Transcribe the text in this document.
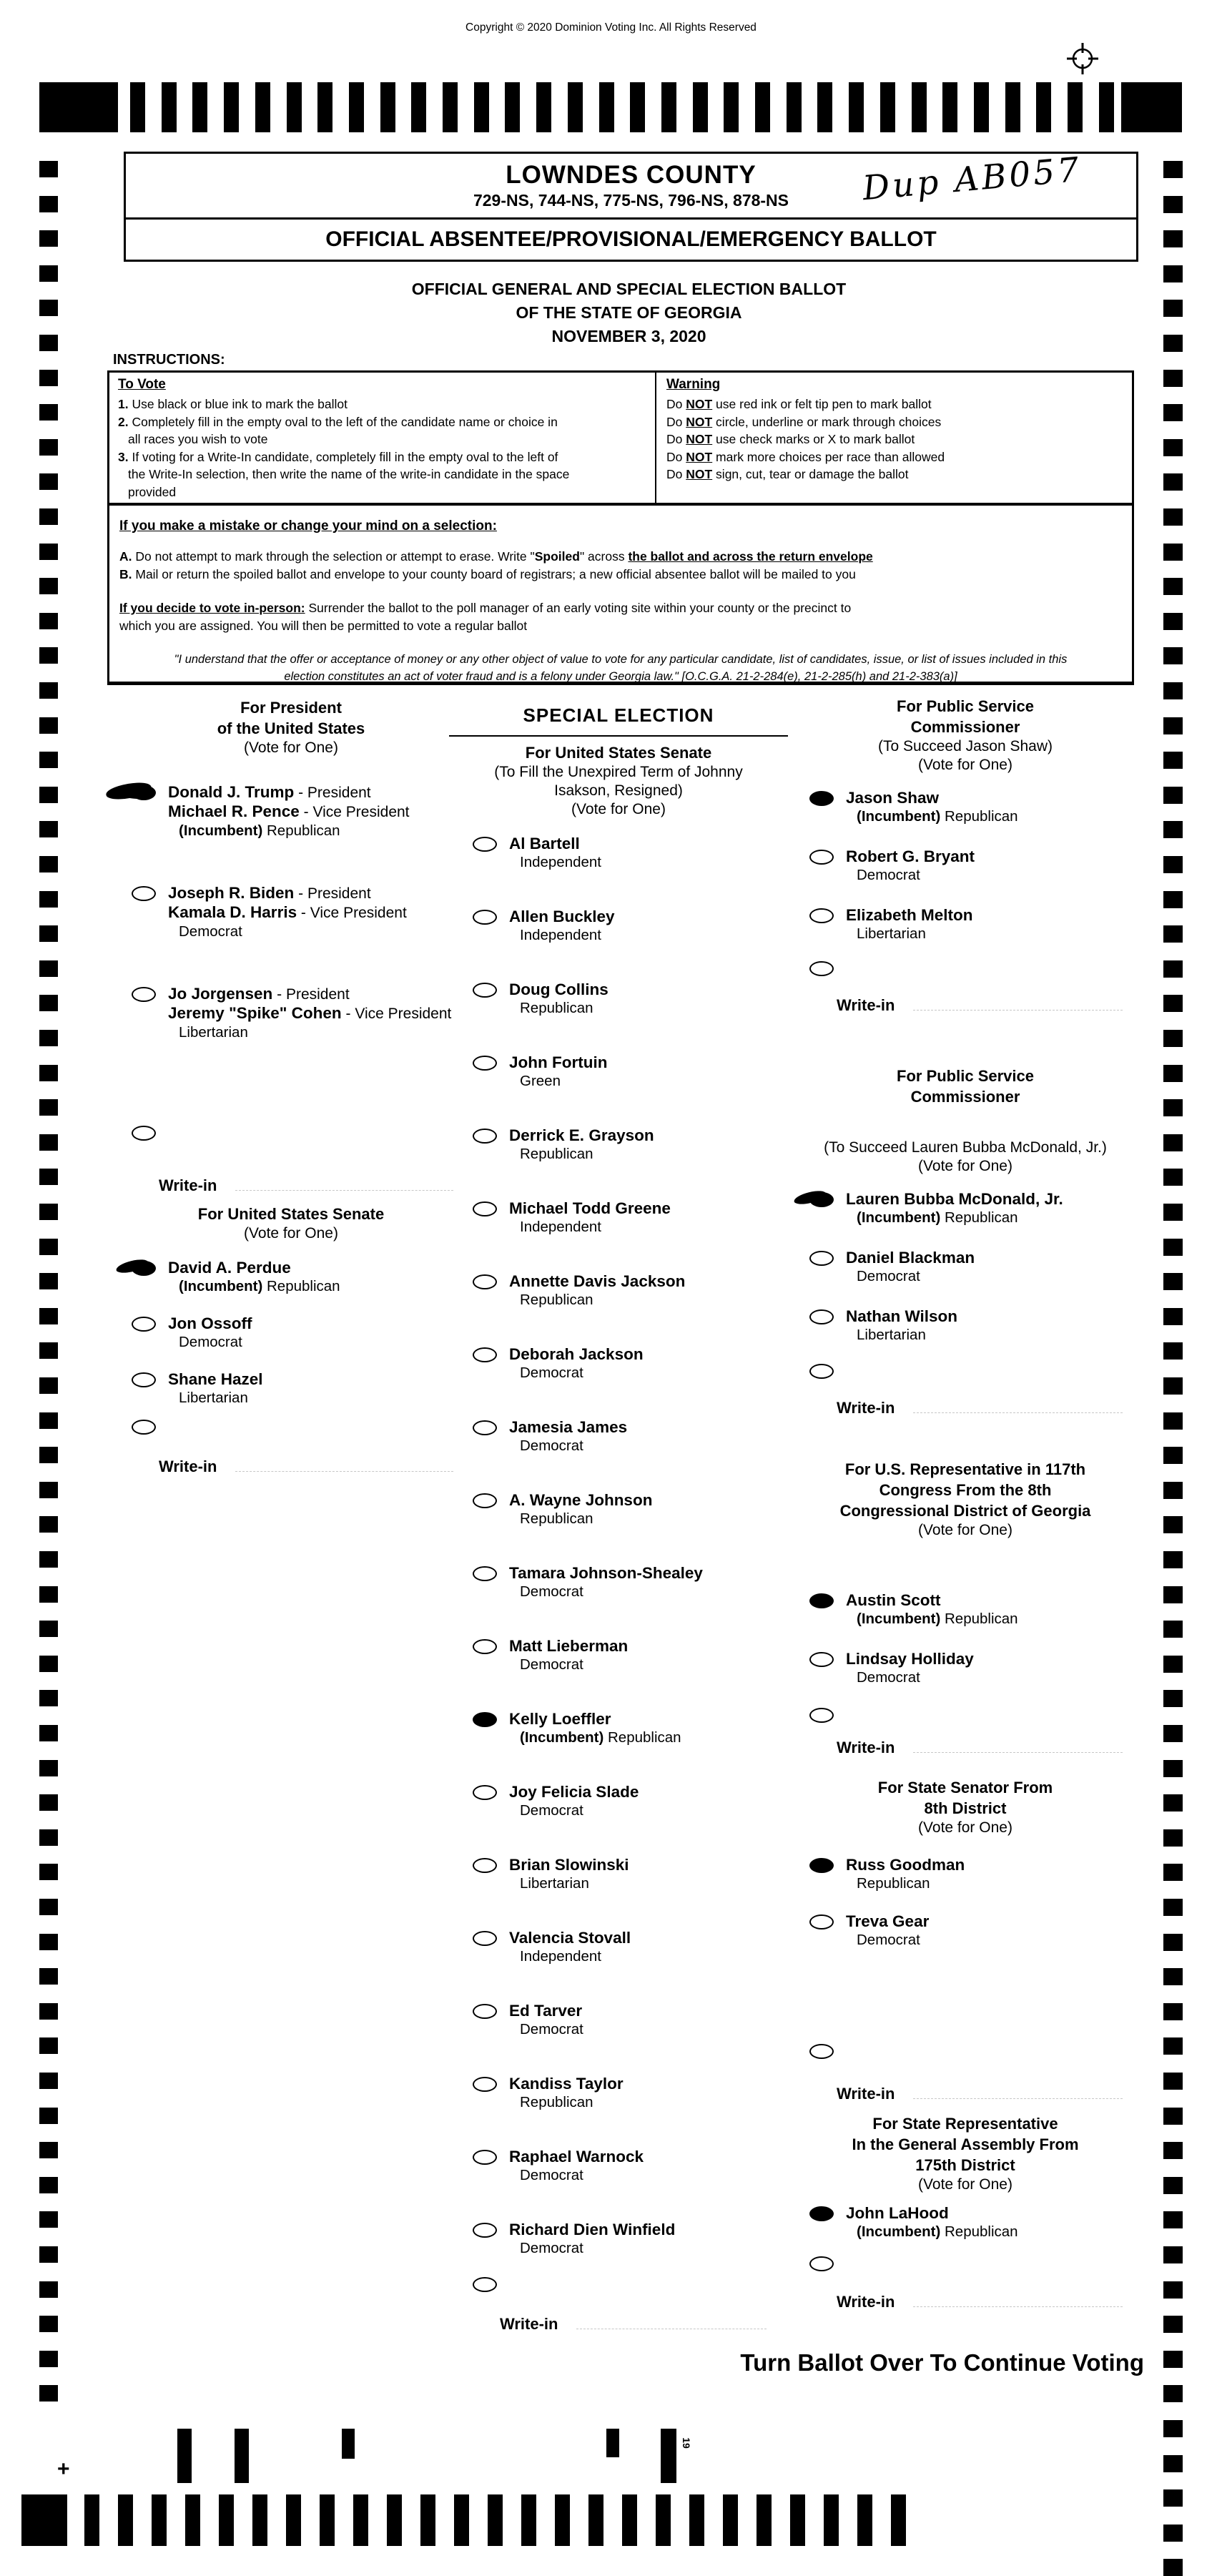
Copyright © 2020 Dominion Voting Inc. All Rights Reserved
LOWNDES COUNTY
729-NS, 744-NS, 775-NS, 796-NS, 878-NS	Dup AB057
OFFICIAL ABSENTEE/PROVISIONAL/EMERGENCY BALLOT
OFFICIAL GENERAL AND SPECIAL ELECTION BALLOT
OF THE STATE OF GEORGIA
NOVEMBER 3, 2020
INSTRUCTIONS:
To Vote
1. Use black or blue ink to mark the ballot
2. Completely fill in the empty oval to the left of the candidate name or choice in
all races you wish to vote
3. If voting for a Write-In candidate, completely fill in the empty oval to the left of
the Write-In selection, then write the name of the write-in candidate in the space
provided
Warning
Do NOT use red ink or felt tip pen to mark ballot
Do NOT circle, underline or mark through choices
Do NOT use check marks or X to mark ballot
Do NOT mark more choices per race than allowed
Do NOT sign, cut, tear or damage the ballot
If you make a mistake or change your mind on a selection:
A. Do not attempt to mark through the selection or attempt to erase. Write "Spoiled" across the ballot and across the return envelope
B. Mail or return the spoiled ballot and envelope to your county board of registrars; a new official absentee ballot will be mailed to you
If you decide to vote in-person: Surrender the ballot to the poll manager of an early voting site within your county or the precinct to
which you are assigned. You will then be permitted to vote a regular ballot
"I understand that the offer or acceptance of money or any other object of value to vote for any particular candidate, list of candidates, issue, or list of issues included in this
election constitutes an act of voter fraud and is a felony under Georgia law." [O.C.G.A. 21-2-284(e), 21-2-285(h) and 21-2-383(a)]
For President
of the United States
(Vote for One)
Donald J. Trump - President
Michael R. Pence - Vice President
(Incumbent) Republican
Joseph R. Biden - President
Kamala D. Harris - Vice President
Democrat
Jo Jorgensen - President
Jeremy "Spike" Cohen - Vice President
Libertarian
Write-in
For United States Senate
(Vote for One)
David A. Perdue
(Incumbent) Republican
Jon Ossoff
Democrat
Shane Hazel
Libertarian
Write-in
SPECIAL ELECTION
For United States Senate
(To Fill the Unexpired Term of Johnny
Isakson, Resigned)
(Vote for One)
Al Bartell
Independent
Allen Buckley
Independent
Doug Collins
Republican
John Fortuin
Green
Derrick E. Grayson
Republican
Michael Todd Greene
Independent
Annette Davis Jackson
Republican
Deborah Jackson
Democrat
Jamesia James
Democrat
A. Wayne Johnson
Republican
Tamara Johnson-Shealey
Democrat
Matt Lieberman
Democrat
Kelly Loeffler
(Incumbent) Republican
Joy Felicia Slade
Democrat
Brian Slowinski
Libertarian
Valencia Stovall
Independent
Ed Tarver
Democrat
Kandiss Taylor
Republican
Raphael Warnock
Democrat
Richard Dien Winfield
Democrat
Write-in
For Public Service
Commissioner
(To Succeed Jason Shaw)
(Vote for One)
Jason Shaw
(Incumbent) Republican
Robert G. Bryant
Democrat
Elizabeth Melton
Libertarian
Write-in
For Public Service
Commissioner
(To Succeed Lauren Bubba McDonald, Jr.)
(Vote for One)
Lauren Bubba McDonald, Jr.
(Incumbent) Republican
Daniel Blackman
Democrat
Nathan Wilson
Libertarian
Write-in
For U.S. Representative in 117th
Congress From the 8th
Congressional District of Georgia
(Vote for One)
Austin Scott
(Incumbent) Republican
Lindsay Holliday
Democrat
Write-in
For State Senator From
8th District
(Vote for One)
Russ Goodman
Republican
Treva Gear
Democrat
Write-in
For State Representative
In the General Assembly From
175th District
(Vote for One)
John LaHood
(Incumbent) Republican
Write-in
Turn Ballot Over To Continue Voting
+
19
